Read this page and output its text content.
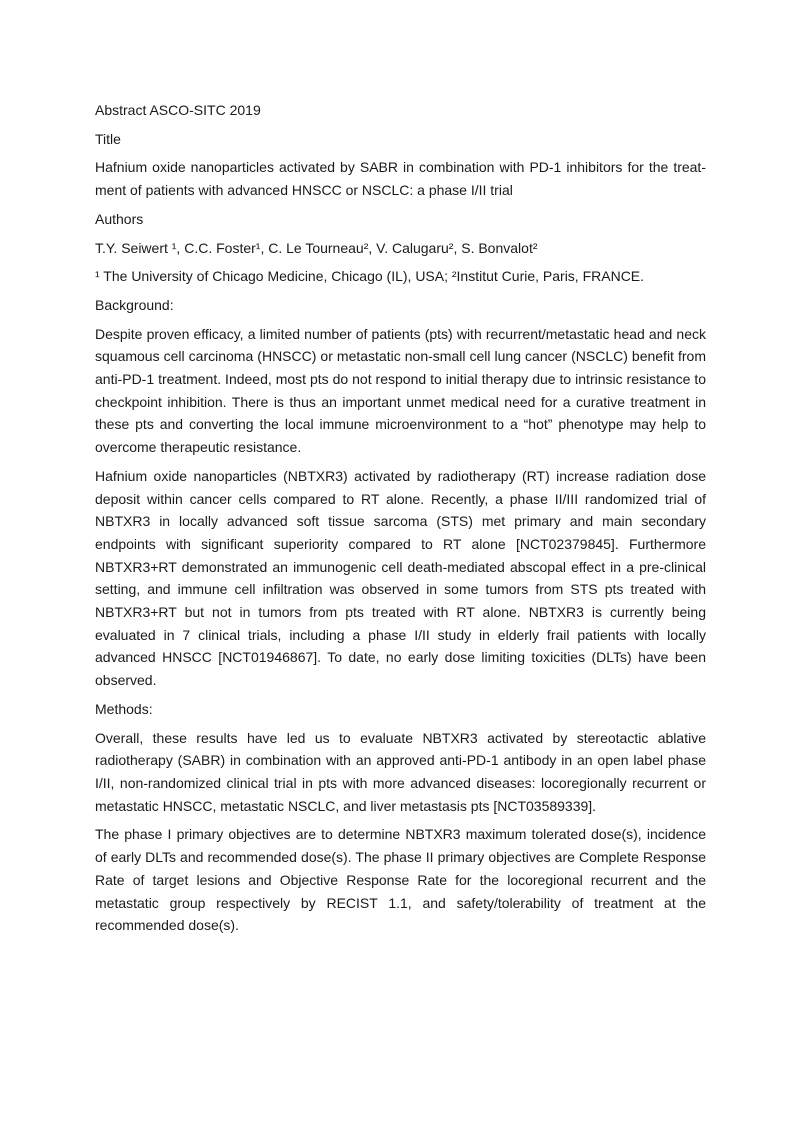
Abstract ASCO-SITC 2019

Title

Hafnium oxide nanoparticles activated by SABR in combination with PD-1 inhibitors for the treatment of patients with advanced HNSCC or NSCLC: a phase I/II trial

Authors

T.Y. Seiwert ¹, C.C. Foster¹, C. Le Tourneau², V. Calugaru², S. Bonvalot²

¹ The University of Chicago Medicine, Chicago (IL), USA; ²Institut Curie, Paris, FRANCE.

Background:

Despite proven efficacy, a limited number of patients (pts) with recurrent/metastatic head and neck squamous cell carcinoma (HNSCC) or metastatic non-small cell lung cancer (NSCLC) benefit from anti-PD-1 treatment. Indeed, most pts do not respond to initial therapy due to intrinsic resistance to checkpoint inhibition. There is thus an important unmet medical need for a curative treatment in these pts and converting the local immune microenvironment to a “hot” phenotype may help to overcome therapeutic resistance.

Hafnium oxide nanoparticles (NBTXR3) activated by radiotherapy (RT) increase radiation dose deposit within cancer cells compared to RT alone. Recently, a phase II/III randomized trial of NBTXR3 in locally advanced soft tissue sarcoma (STS) met primary and main secondary endpoints with significant superiority compared to RT alone [NCT02379845]. Furthermore NBTXR3+RT demonstrated an immunogenic cell death-mediated abscopal effect in a pre-clinical setting, and immune cell infiltration was observed in some tumors from STS pts treated with NBTXR3+RT but not in tumors from pts treated with RT alone. NBTXR3 is currently being evaluated in 7 clinical trials, including a phase I/II study in elderly frail patients with locally advanced HNSCC [NCT01946867]. To date, no early dose limiting toxicities (DLTs) have been observed.

Methods:

Overall, these results have led us to evaluate NBTXR3 activated by stereotactic ablative radiotherapy (SABR) in combination with an approved anti-PD-1 antibody in an open label phase I/II, non-randomized clinical trial in pts with more advanced diseases: locoregionally recurrent or metastatic HNSCC, metastatic NSCLC, and liver metastasis pts [NCT03589339].

The phase I primary objectives are to determine NBTXR3 maximum tolerated dose(s), incidence of early DLTs and recommended dose(s). The phase II primary objectives are Complete Response Rate of target lesions and Objective Response Rate for the locoregional recurrent and the metastatic group respectively by RECIST 1.1, and safety/tolerability of treatment at the recommended dose(s).
